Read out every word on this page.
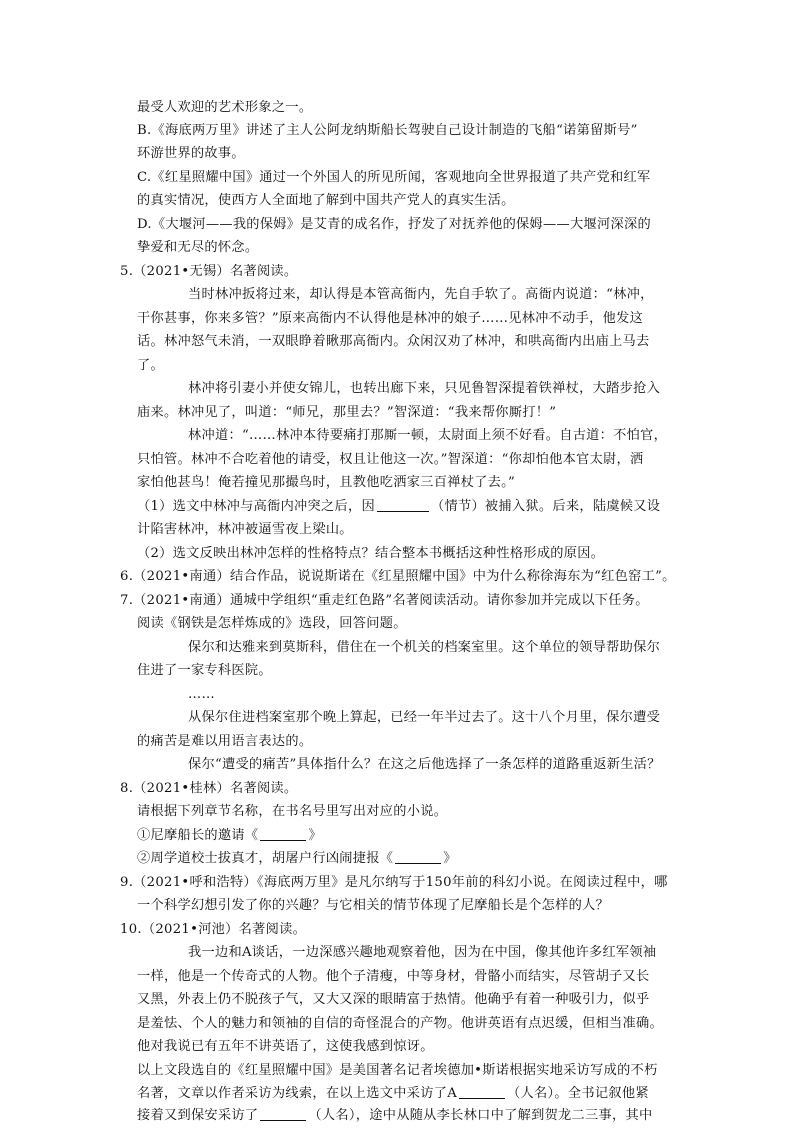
最受人欢迎的艺术形象之一。
B.《海底两万里》讲述了主人公阿龙纳斯船长驾驶自己设计制造的飞船“诺第留斯号”
环游世界的故事。
C.《红星照耀中国》通过一个外国人的所见所闻，客观地向全世界报道了共产党和红军
的真实情况，使西方人全面地了解到中国共产党人的真实生活。
D.《大堰河——我的保姆》是艾青的成名作，抒发了对抚养他的保姆——大堰河深深的
挚爱和无尽的怀念。
5.（2021•无锡）名著阅读。
当时林冲扳将过来，却认得是本管高衙内，先自手软了。高衙内说道：“林冲，
干你甚事，你来多管？”原来高衙内不认得他是林冲的娘子……见林冲不动手，他发这
话。林冲怒气未消，一双眼睁着瞅那高衙内。众闲汉劝了林冲，和哄高衙内出庙上马去
了。
林冲将引妻小并使女锦儿，也转出廊下来，只见鲁智深提着铁禅杖，大踏步抢入
庙来。林冲见了，叫道：“师兄，那里去？”智深道：“我来帮你厮打！”
林冲道：“……林冲本待要痛打那厮一顿，太尉面上须不好看。自古道：不怕官，
只怕管。林冲不合吃着他的请受，权且让他这一次。”智深道：“你却怕他本官太尉，洒
家怕他甚鸟！俺若撞见那撮鸟时，且教他吃洒家三百禅杖了去。”
（1）选文中林冲与高衙内冲突之后，因	（情节）被捕入狱。后来，陆虞候又设
计陷害林冲，林冲被逼雪夜上梁山。
（2）选文反映出林冲怎样的性格特点？结合整本书概括这种性格形成的原因。
6.（2021•南通）结合作品，说说斯诺在《红星照耀中国》中为什么称徐海东为“红色窑工”。
7.（2021•南通）通城中学组织“重走红色路”名著阅读活动。请你参加并完成以下任务。
阅读《钢铁是怎样炼成的》选段，回答问题。
保尔和达雅来到莫斯科，借住在一个机关的档案室里。这个单位的领导帮助保尔
住进了一家专科医院。
……
从保尔住进档案室那个晚上算起，已经一年半过去了。这十八个月里，保尔遭受
的痛苦是难以用语言表达的。
保尔“遭受的痛苦”具体指什么？在这之后他选择了一条怎样的道路重返新生活？
8.（2021•桂林）名著阅读。
请根据下列章节名称，在书名号里写出对应的小说。
①尼摩船长的邀请《	》
②周学道校士拔真才，胡屠户行凶闹捷报《	》
9.（2021•呼和浩特）《海底两万里》是凡尔纳写于150年前的科幻小说。在阅读过程中，哪
一个科学幻想引发了你的兴趣？与它相关的情节体现了尼摩船长是个怎样的人？
10.（2021•河池）名著阅读。
我一边和A谈话，一边深感兴趣地观察着他，因为在中国，像其他许多红军领袖
一样，他是一个传奇式的人物。他个子清瘦，中等身材，骨骼小而结实，尽管胡子又长
又黑，外表上仍不脱孩子气，又大又深的眼睛富于热情。他确乎有着一种吸引力，似乎
是羞怯、个人的魅力和领袖的自信的奇怪混合的产物。他讲英语有点迟缓，但相当准确。
他对我说已有五年不讲英语了，这使我感到惊讶。
以上文段选自的《红星照耀中国》是美国著名记者埃德加•斯诺根据实地采访写成的不朽
名著，文章以作者采访为线索，在以上选文中采访了A	（人名）。全书记叙他紧
接着又到保安采访了	（人名），途中从随从李长林口中了解到贺龙二三事，其中
